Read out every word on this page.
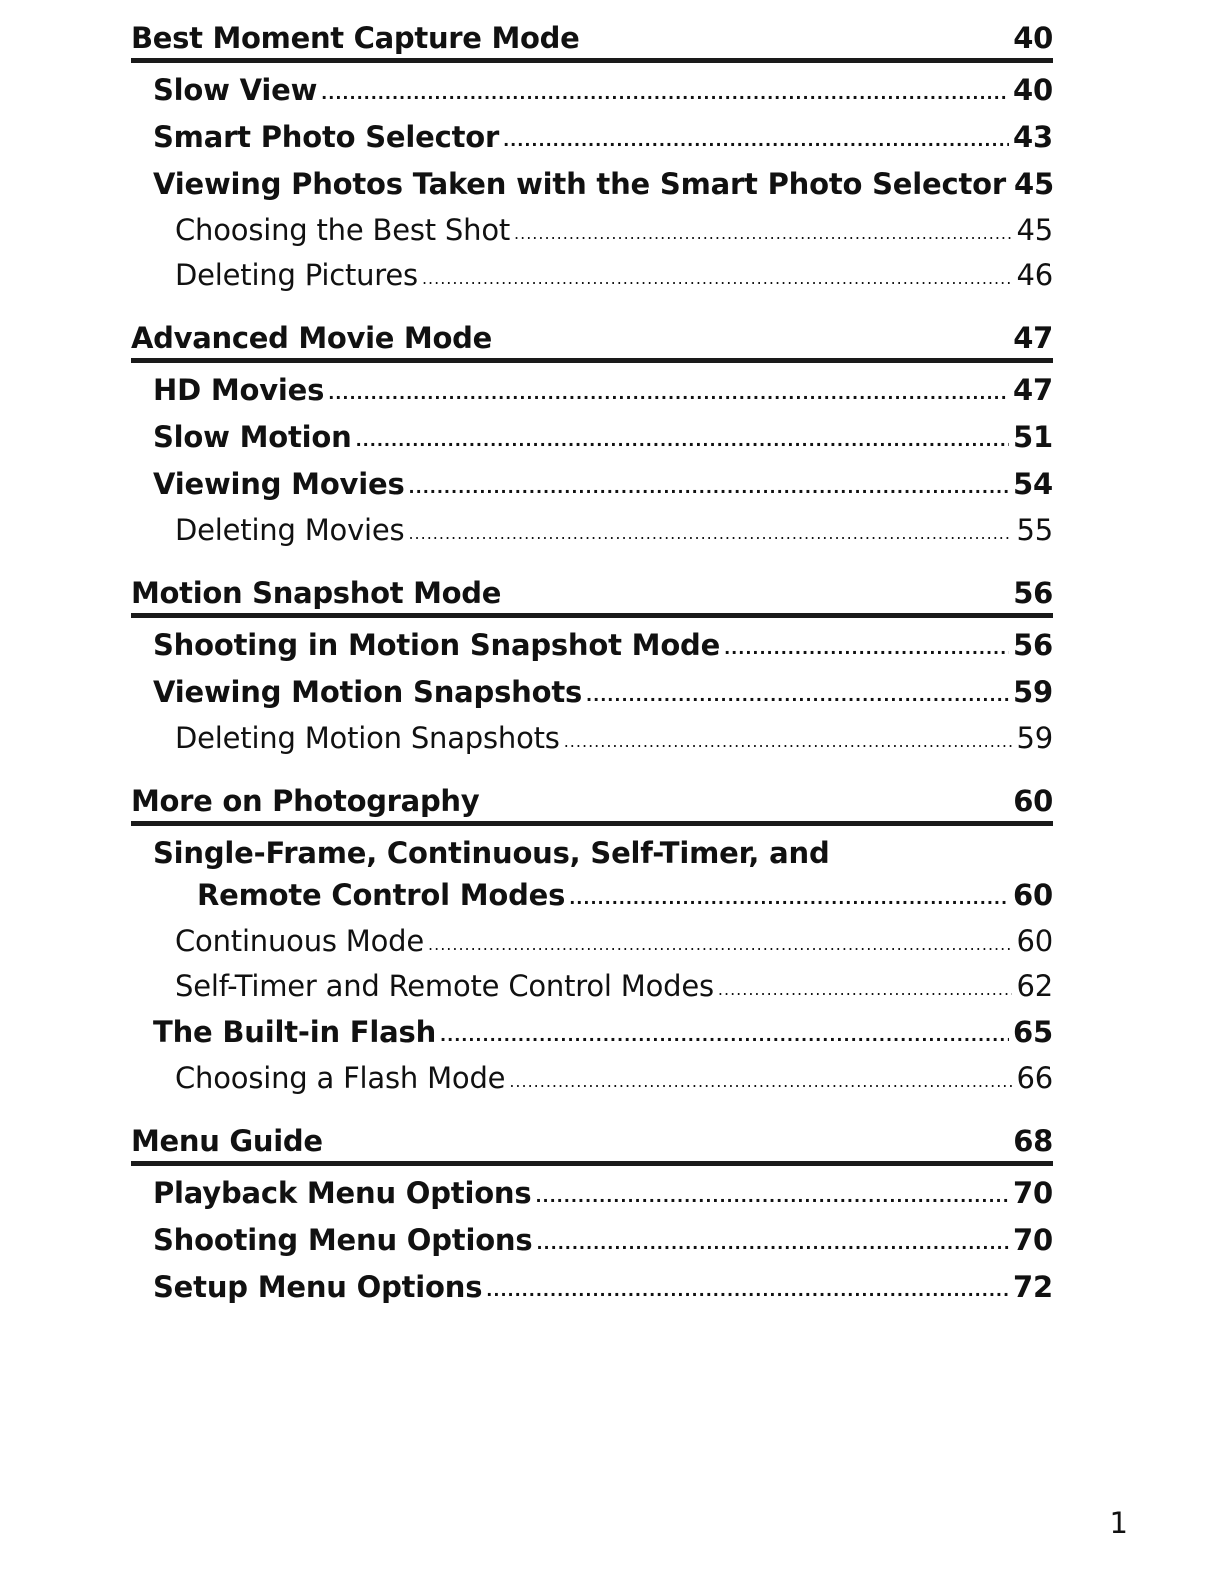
Best Moment Capture Mode	40
Slow View .....	40
Smart Photo Selector .....	43
Viewing Photos Taken with the Smart Photo Selector 45
Choosing the Best Shot .....	45
Deleting Pictures .....	46
Advanced Movie Mode	47
HD Movies .....	47
Slow Motion .....	51
Viewing Movies .....	54
Deleting Movies .....	55
Motion Snapshot Mode	56
Shooting in Motion Snapshot Mode .....	56
Viewing Motion Snapshots .....	59
Deleting Motion Snapshots .....	59
More on Photography	60
Single-Frame, Continuous, Self-Timer, and
Remote Control Modes .....	60
Continuous Mode .....	60
Self-Timer and Remote Control Modes .....	62
The Built-in Flash .....	65
Choosing a Flash Mode .....	66
Menu Guide	68
Playback Menu Options .....	70
Shooting Menu Options .....	70
Setup Menu Options .....	72
1
